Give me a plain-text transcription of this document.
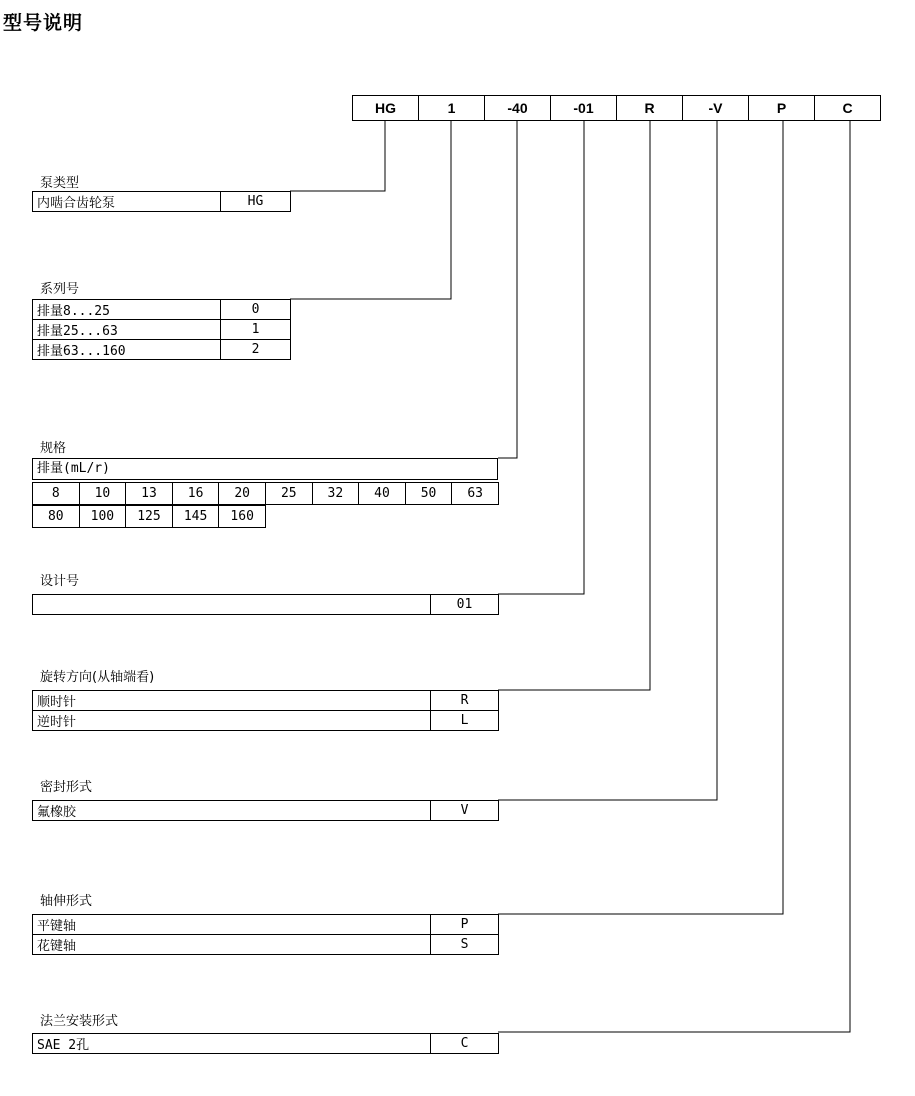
型号说明
HG	1	-40	-01	R	-V	P	C
泵类型
内啮合齿轮泵	HG
系列号
排量8...25	0
排量25...63	1
排量63...160	2
规格
排量(mL/r)
8	10	13	16	20	25	32	40	50	63
80	100	125	145	160
设计号
	01
旋转方向(从轴端看)
顺时针	R
逆时针	L
密封形式
氟橡胶	V
轴伸形式
平键轴	P
花键轴	S
法兰安装形式
SAE 2孔	C
